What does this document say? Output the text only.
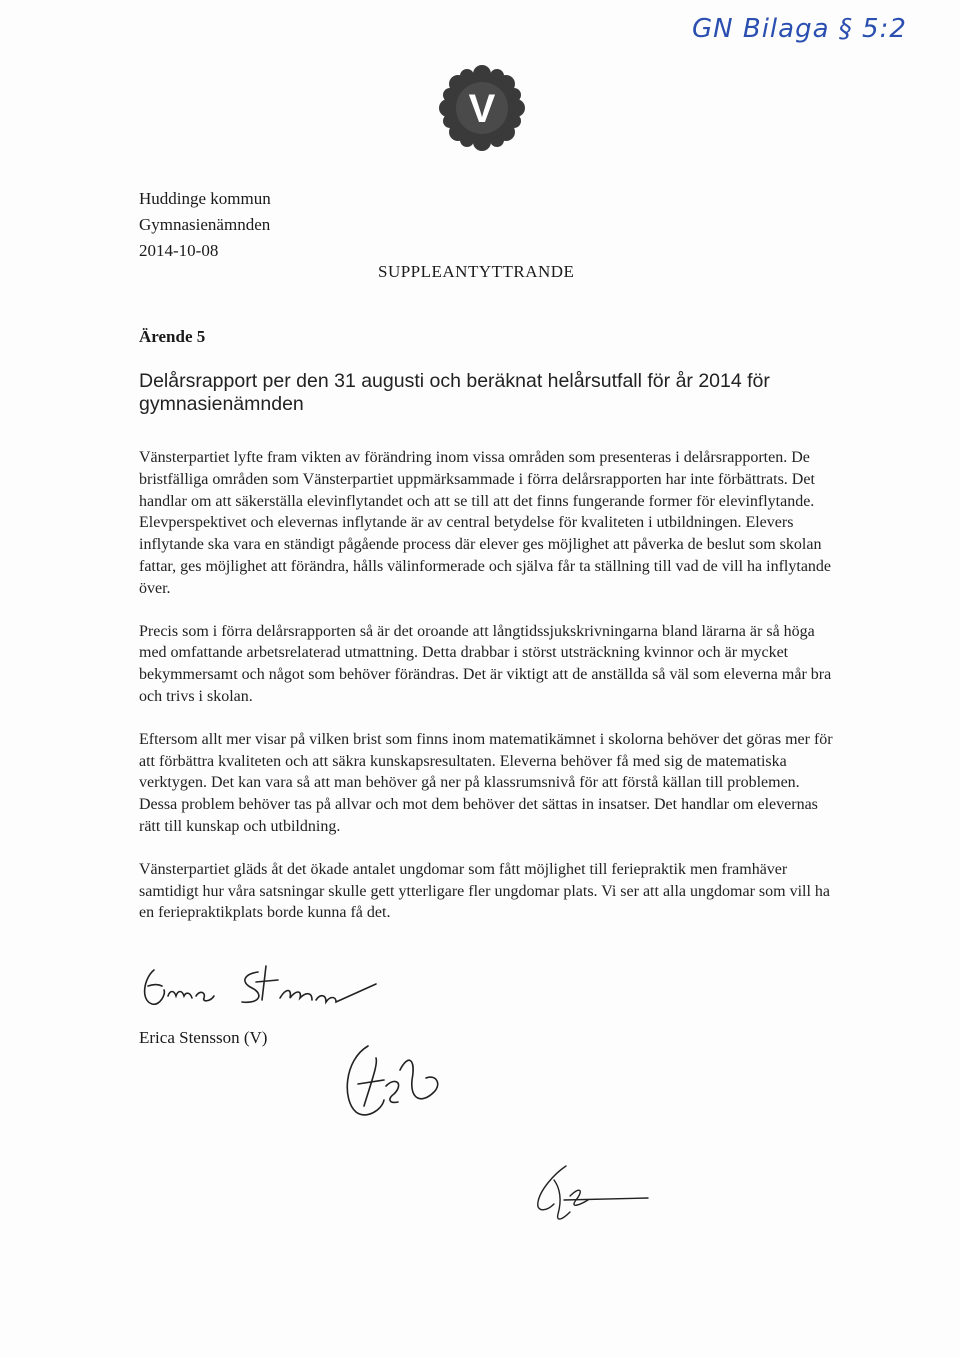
GN Bilaga § 5:2
V
Huddinge kommun
Gymnasienämnden
2014-10-08
SUPPLEANTYTTRANDE
Ärende 5
Delårsrapport per den 31 augusti och beräknat helårsutfall för år 2014 för gymnasienämnden

Vänsterpartiet lyfte fram vikten av förändring inom vissa områden som presenteras i delårsrapporten. De bristfälliga områden som Vänsterpartiet uppmärksammade i förra delårsrapporten har inte förbättrats. Det handlar om att säkerställa elevinflytandet och att se till att det finns fungerande former för elevinflytande. Elevperspektivet och elevernas inflytande är av central betydelse för kvaliteten i utbildningen. Elevers inflytande ska vara en ständigt pågående process där elever ges möjlighet att påverka de beslut som skolan fattar, ges möjlighet att förändra, hålls välinformerade och själva får ta ställning till vad de vill ha inflytande över.

Precis som i förra delårsrapporten så är det oroande att långtidssjukskrivningarna bland lärarna är så höga med omfattande arbetsrelaterad utmattning. Detta drabbar i störst utsträckning kvinnor och är mycket bekymmersamt och något som behöver förändras. Det är viktigt att de anställda så väl som eleverna mår bra och trivs i skolan.

Eftersom allt mer visar på vilken brist som finns inom matematikämnet i skolorna behöver det göras mer för att förbättra kvaliteten och att säkra kunskapsresultaten. Eleverna behöver få med sig de matematiska verktygen. Det kan vara så att man behöver gå ner på klassrumsnivå för att förstå källan till problemen. Dessa problem behöver tas på allvar och mot dem behöver det sättas in insatser. Det handlar om elevernas rätt till kunskap och utbildning.

Vänsterpartiet gläds åt det ökade antalet ungdomar som fått möjlighet till feriepraktik men framhäver samtidigt hur våra satsningar skulle gett ytterligare fler ungdomar plats. Vi ser att alla ungdomar som vill ha en feriepraktikplats borde kunna få det.

Erica Stensson
Erica Stensson (V)
